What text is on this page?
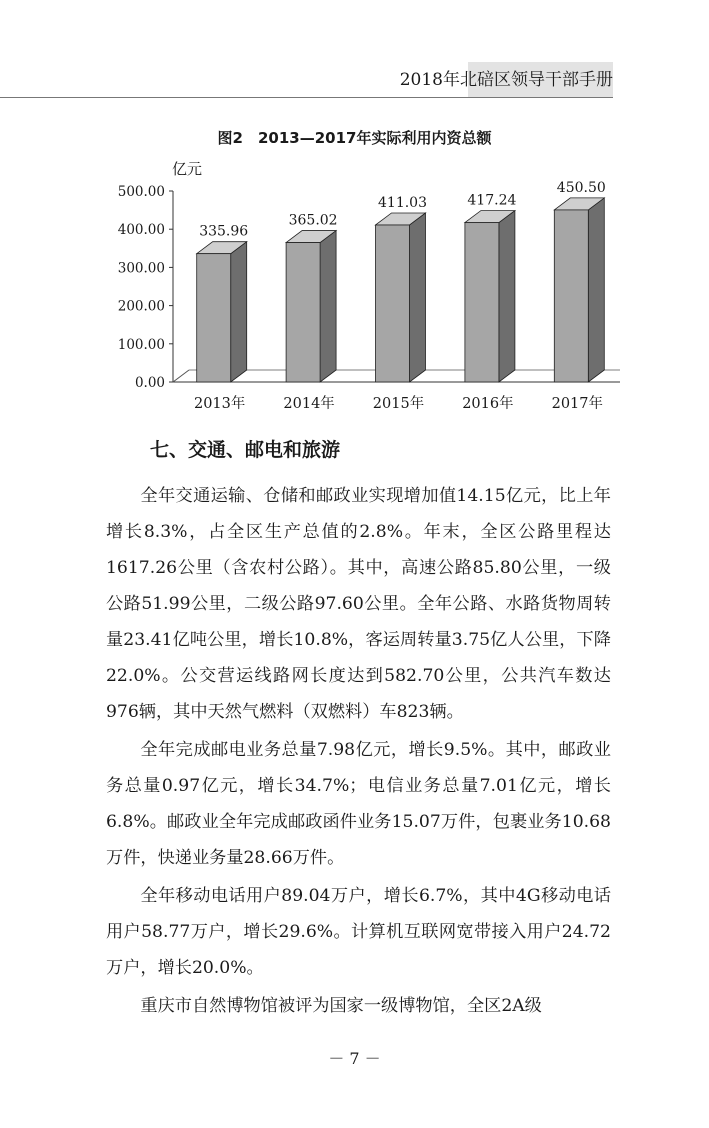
2018年北碚区领导干部手册
图2　2013—2017年实际利用内资总额
亿元
0.00
100.00
200.00
300.00
400.00
500.00
335.96
2013年
365.02
2014年
411.03
2015年
417.24
2016年
450.50
2017年
七、交通、邮电和旅游

全年交通运输、仓储和邮政业实现增加值14.15亿元，比上年增长8.3%，占全区生产总值的2.8%。年末，全区公路里程达1617.26公里（含农村公路）。其中，高速公路85.80公里，一级公路51.99公里，二级公路97.60公里。全年公路、水路货物周转量23.41亿吨公里，增长10.8%，客运周转量3.75亿人公里，下降22.0%。公交营运线路网长度达到582.70公里，公共汽车数达976辆，其中天然气燃料（双燃料）车823辆。

全年完成邮电业务总量7.98亿元，增长9.5%。其中，邮政业务总量0.97亿元，增长34.7%；电信业务总量7.01亿元，增长6.8%。邮政业全年完成邮政函件业务15.07万件，包裹业务10.68万件，快递业务量28.66万件。

全年移动电话用户89.04万户，增长6.7%，其中4G移动电话用户58.77万户，增长29.6%。计算机互联网宽带接入用户24.72万户，增长20.0%。

重庆市自然博物馆被评为国家一级博物馆，全区2A级

－ 7 －
